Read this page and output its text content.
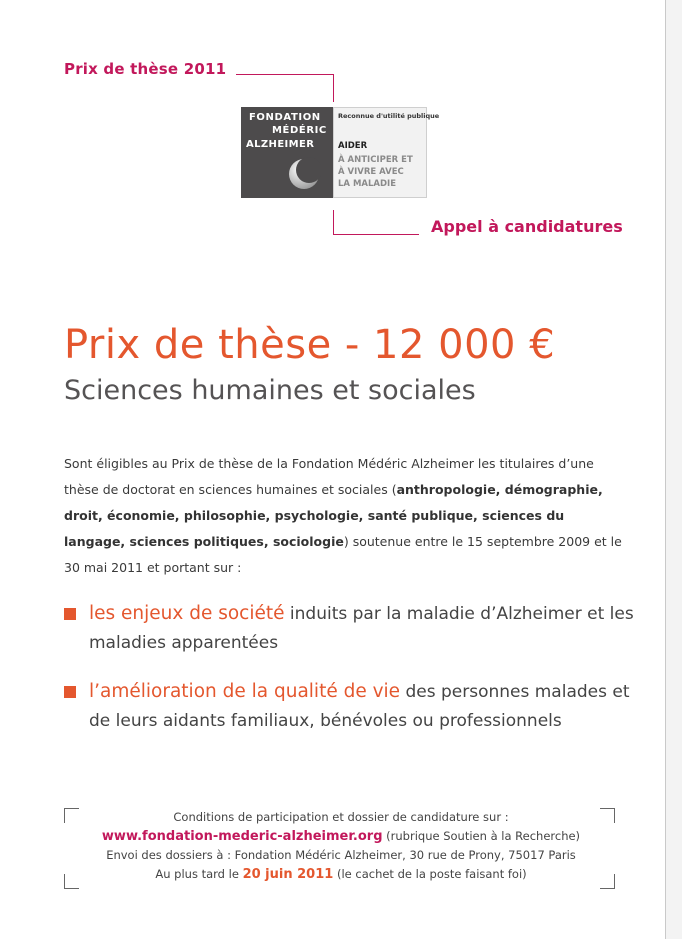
Prix de thèse 2011
FONDATION
MÉDÉRIC
ALZHEIMER
Reconnue d'utilité publique
AIDER
À ANTICIPER ET
À VIVRE AVEC
LA MALADIE
Appel à candidatures
Prix de thèse - 12 000 €
Sciences humaines et sociales

Sont éligibles au Prix de thèse de la Fondation Médéric Alzheimer les titulaires d’une thèse de doctorat en sciences humaines et sociales (anthropologie, démographie, droit, économie, philosophie, psychologie, santé publique, sciences du langage, sciences politiques, sociologie) soutenue entre le 15 septembre 2009 et le 30 mai 2011 et portant sur :

les enjeux de société induits par la maladie d’Alzheimer et les maladies apparentées
l’amélioration de la qualité de vie des personnes malades et de leurs aidants familiaux, bénévoles ou professionnels
Conditions de participation et dossier de candidature sur :
www.fondation-mederic-alzheimer.org (rubrique Soutien à la Recherche)
Envoi des dossiers à : Fondation Médéric Alzheimer, 30 rue de Prony, 75017 Paris
Au plus tard le 20 juin 2011 (le cachet de la poste faisant foi)
